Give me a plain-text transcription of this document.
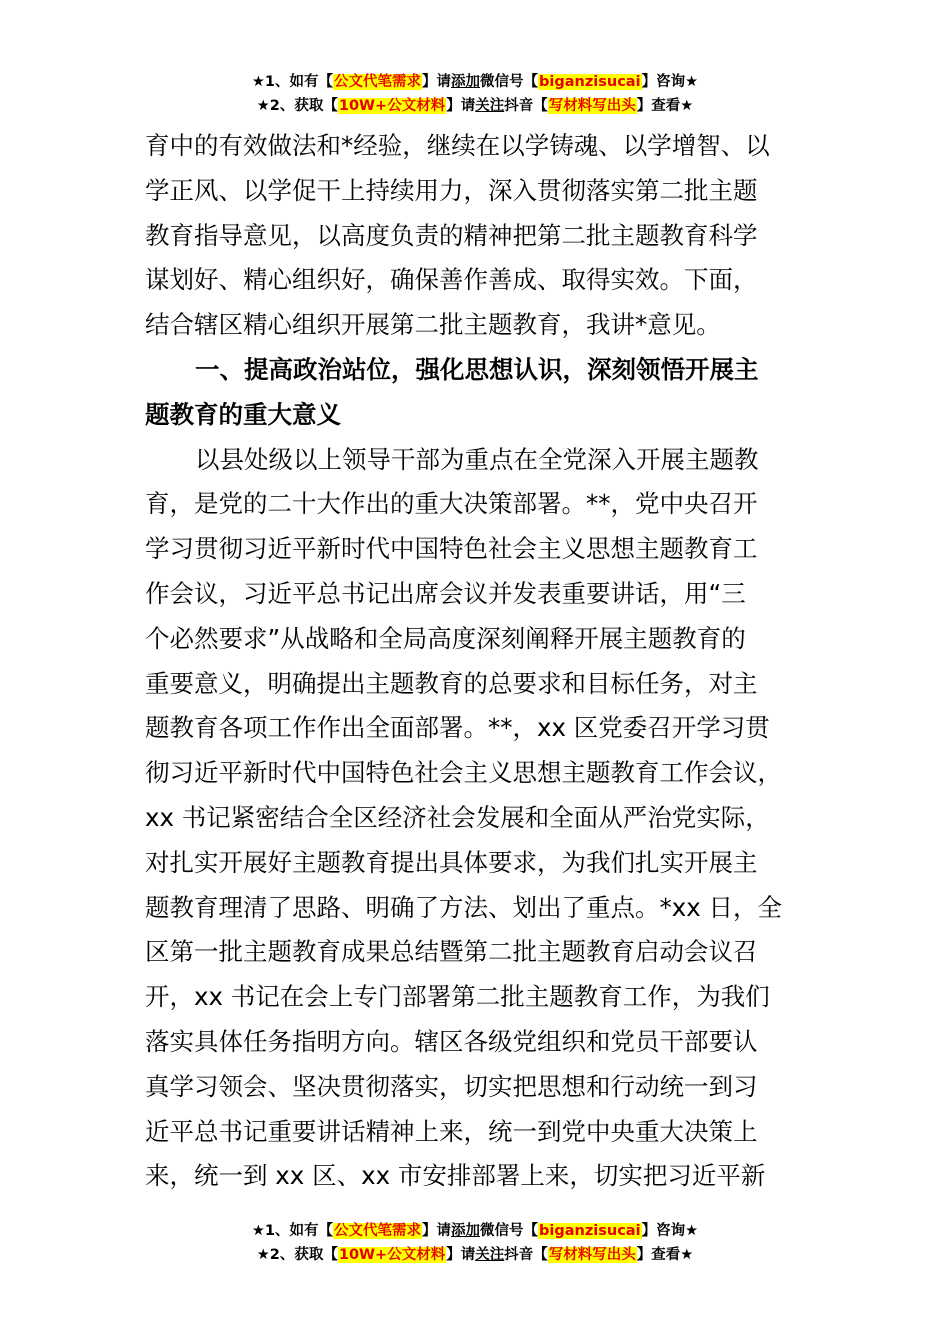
★1、如有【公文代笔需求】请添加微信号【biganzisucai】咨询★
★2、获取【10W+公文材料】请关注抖音【写材料写出头】查看★
育中的有效做法和*经验，继续在以学铸魂、以学增智、以
学正风、以学促干上持续用力，深入贯彻落实第二批主题
教育指导意见，以高度负责的精神把第二批主题教育科学
谋划好、精心组织好，确保善作善成、取得实效。下面，
结合辖区精心组织开展第二批主题教育，我讲*意见。
一、提高政治站位，强化思想认识，深刻领悟开展主
题教育的重大意义
以县处级以上领导干部为重点在全党深入开展主题教
育，是党的二十大作出的重大决策部署。**，党中央召开
学习贯彻习近平新时代中国特色社会主义思想主题教育工
作会议，习近平总书记出席会议并发表重要讲话，用“三
个必然要求”从战略和全局高度深刻阐释开展主题教育的
重要意义，明确提出主题教育的总要求和目标任务，对主
题教育各项工作作出全面部署。**，xx 区党委召开学习贯
彻习近平新时代中国特色社会主义思想主题教育工作会议，
xx 书记紧密结合全区经济社会发展和全面从严治党实际，
对扎实开展好主题教育提出具体要求，为我们扎实开展主
题教育理清了思路、明确了方法、划出了重点。*xx 日，全
区第一批主题教育成果总结暨第二批主题教育启动会议召
开，xx 书记在会上专门部署第二批主题教育工作，为我们
落实具体任务指明方向。辖区各级党组织和党员干部要认
真学习领会、坚决贯彻落实，切实把思想和行动统一到习
近平总书记重要讲话精神上来，统一到党中央重大决策上
来，统一到 xx 区、xx 市安排部署上来，切实把习近平新
★1、如有【公文代笔需求】请添加微信号【biganzisucai】咨询★
★2、获取【10W+公文材料】请关注抖音【写材料写出头】查看★
